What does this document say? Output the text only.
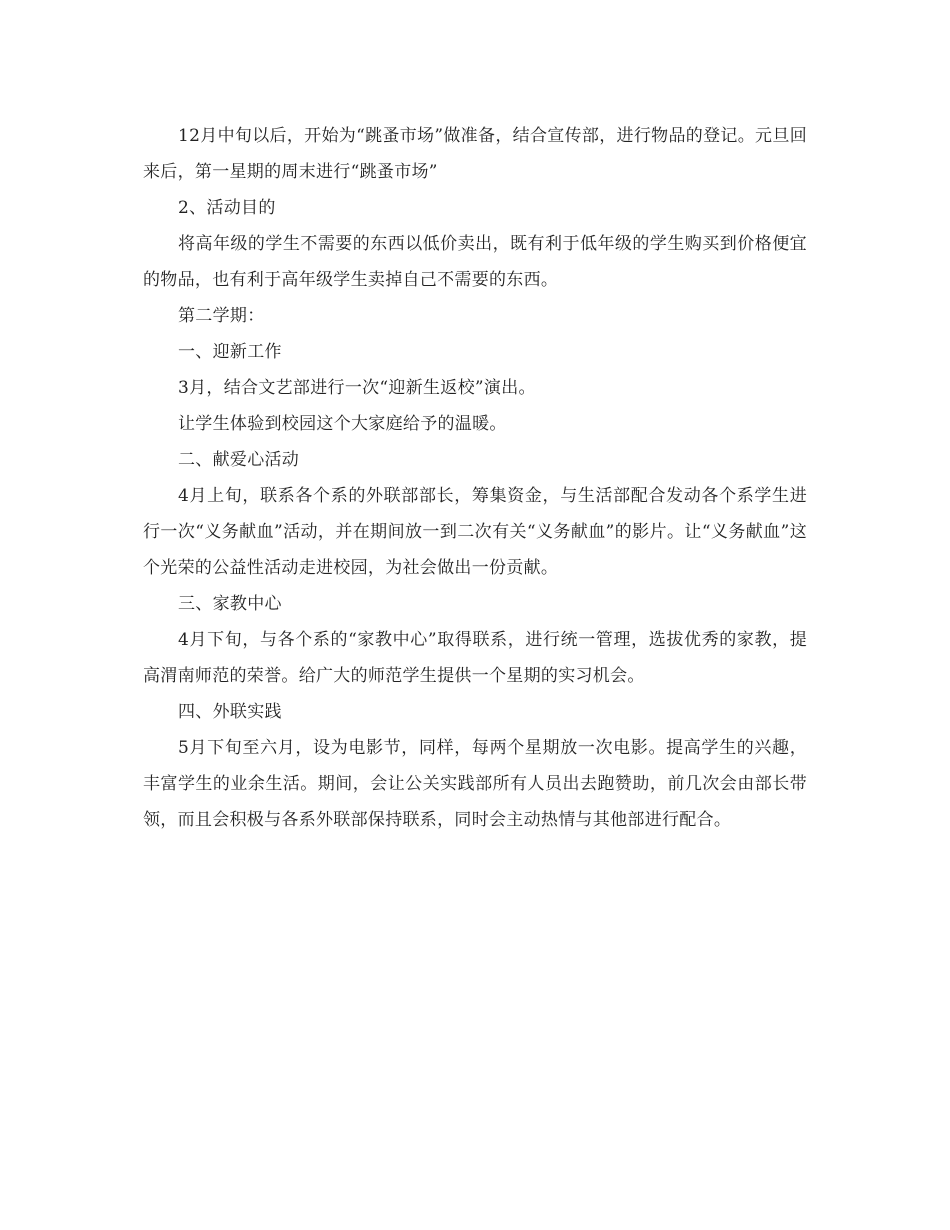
12月中旬以后，开始为“跳蚤市场”做准备，结合宣传部，进行物品的登记。元旦回来后，第一星期的周末进行“跳蚤市场”

2、活动目的

将高年级的学生不需要的东西以低价卖出，既有利于低年级的学生购买到价格便宜的物品，也有利于高年级学生卖掉自己不需要的东西。

第二学期：

一、迎新工作

3月，结合文艺部进行一次“迎新生返校”演出。

让学生体验到校园这个大家庭给予的温暖。

二、献爱心活动

4月上旬，联系各个系的外联部部长，筹集资金，与生活部配合发动各个系学生进行一次“义务献血”活动，并在期间放一到二次有关“义务献血”的影片。让“义务献血”这个光荣的公益性活动走进校园，为社会做出一份贡献。

三、家教中心

4月下旬，与各个系的“家教中心”取得联系，进行统一管理，选拔优秀的家教，提高渭南师范的荣誉。给广大的师范学生提供一个星期的实习机会。

四、外联实践

5月下旬至六月，设为电影节，同样，每两个星期放一次电影。提高学生的兴趣，丰富学生的业余生活。期间，会让公关实践部所有人员出去跑赞助，前几次会由部长带领，而且会积极与各系外联部保持联系，同时会主动热情与其他部进行配合。
